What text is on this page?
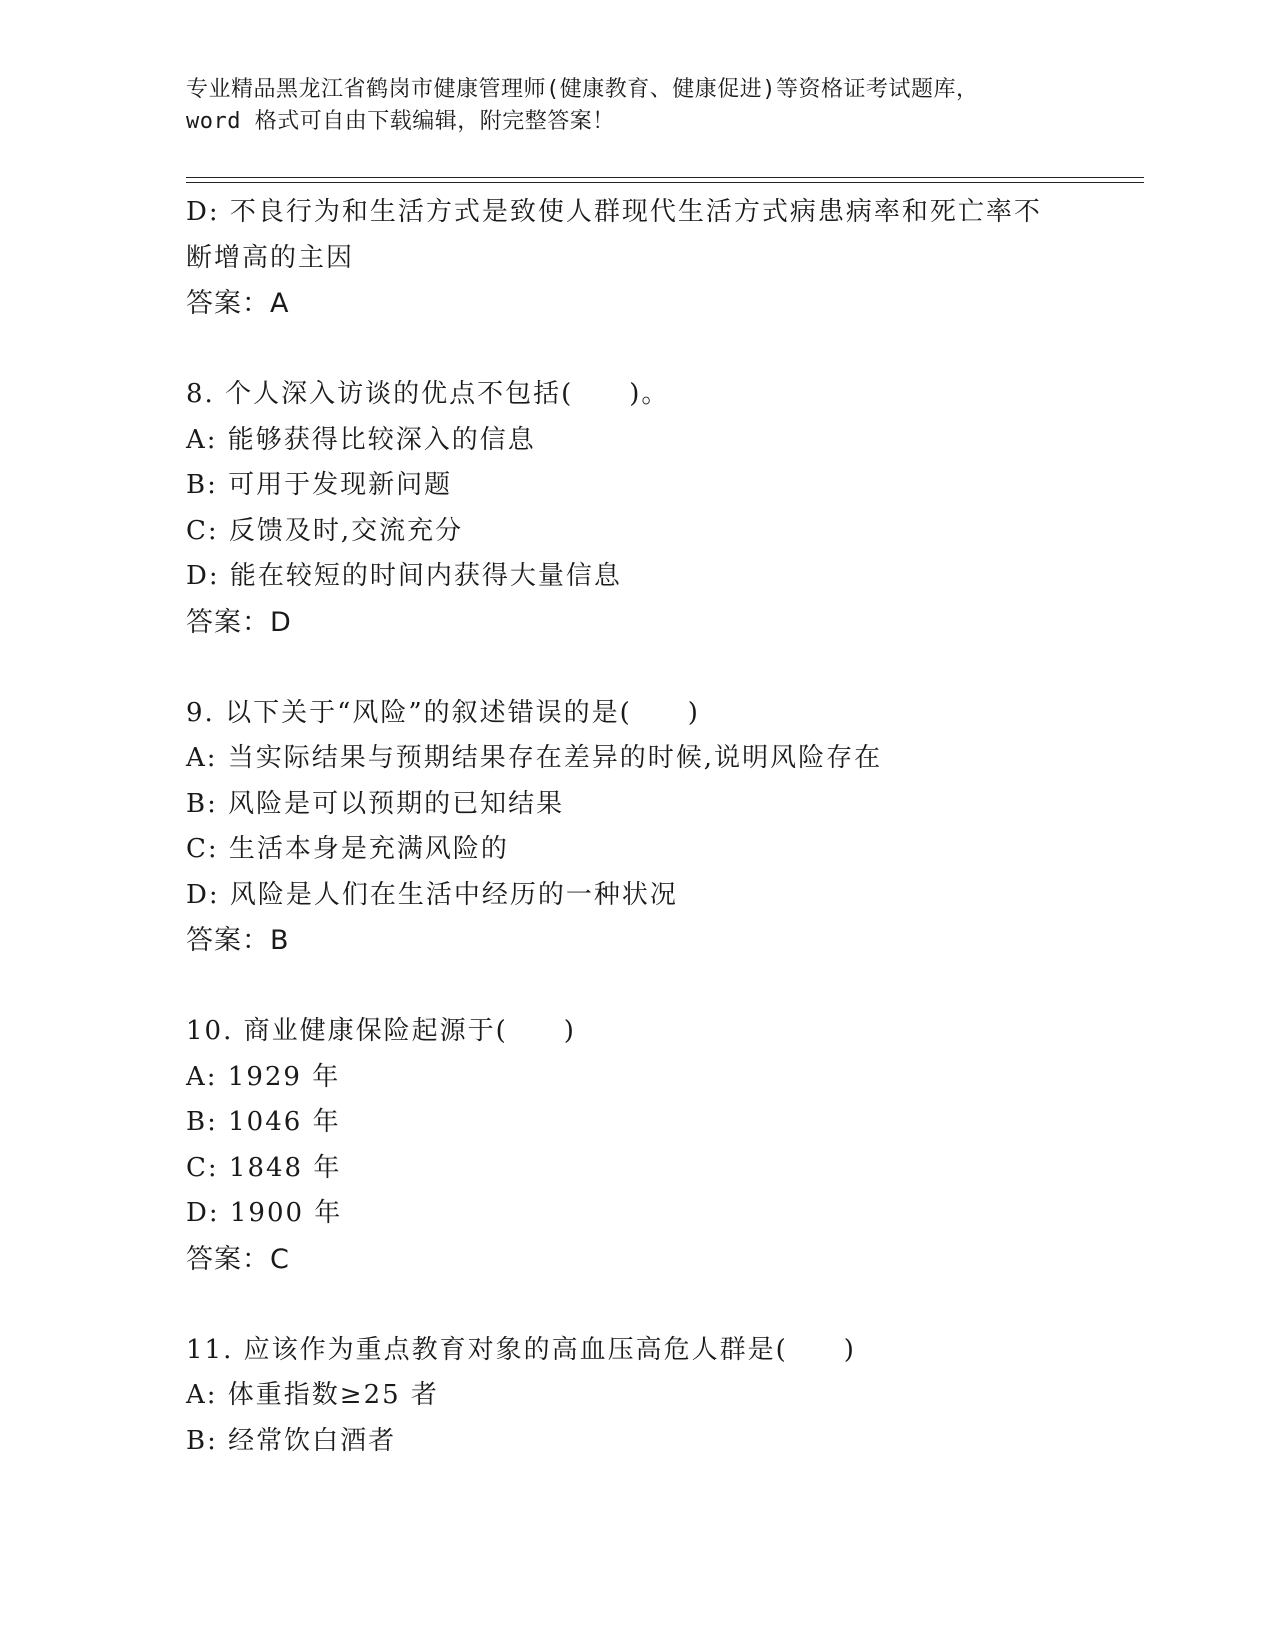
专业精品黑龙江省鹤岗市健康管理师(健康教育、健康促进)等资格证考试题库，
word 格式可自由下载编辑，附完整答案！
D: 不良行为和生活方式是致使人群现代生活方式病患病率和死亡率不
断增高的主因
答案：A
8. 个人深入访谈的优点不包括(　　)。
A: 能够获得比较深入的信息
B: 可用于发现新问题
C: 反馈及时,交流充分
D: 能在较短的时间内获得大量信息
答案：D
9. 以下关于“风险”的叙述错误的是(　　)
A: 当实际结果与预期结果存在差异的时候,说明风险存在
B: 风险是可以预期的已知结果
C: 生活本身是充满风险的
D: 风险是人们在生活中经历的一种状况
答案：B
10. 商业健康保险起源于(　　)
A: 1929 年
B: 1046 年
C: 1848 年
D: 1900 年
答案：C
11. 应该作为重点教育对象的高血压高危人群是(　　)
A: 体重指数≥25 者
B: 经常饮白酒者
